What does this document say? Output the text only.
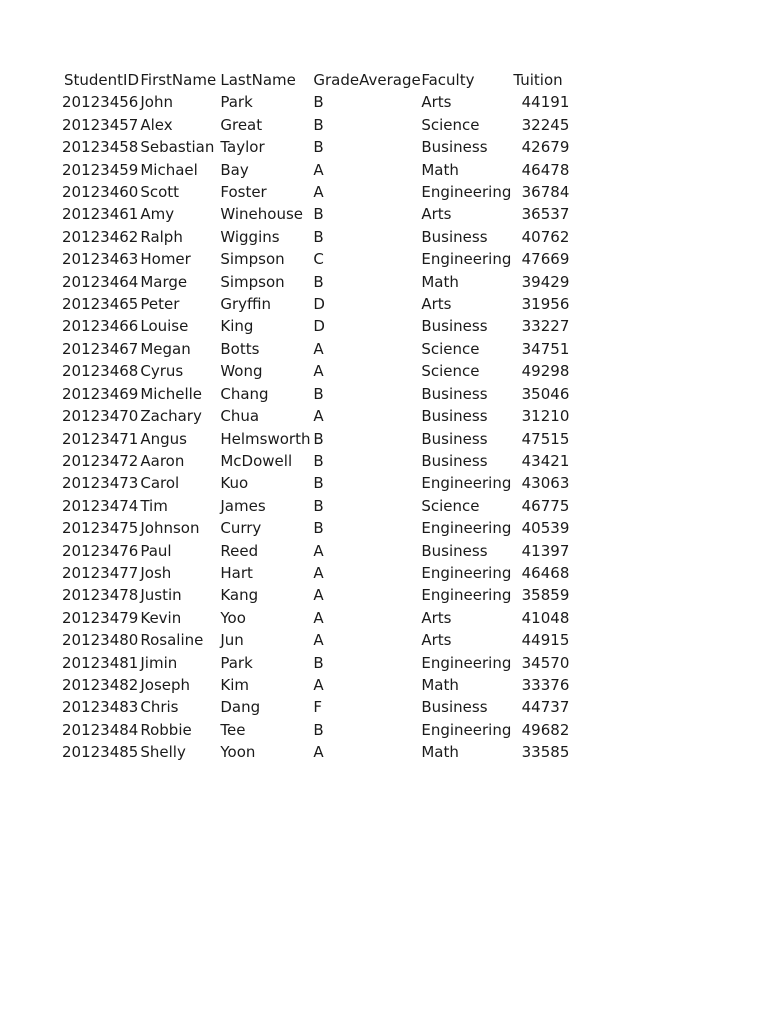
StudentID	FirstName	LastName	GradeAverage	Faculty	Tuition
20123456	John	Park	B	Arts	44191
20123457	Alex	Great	B	Science	32245
20123458	Sebastian	Taylor	B	Business	42679
20123459	Michael	Bay	A	Math	46478
20123460	Scott	Foster	A	Engineering	36784
20123461	Amy	Winehouse	B	Arts	36537
20123462	Ralph	Wiggins	B	Business	40762
20123463	Homer	Simpson	C	Engineering	47669
20123464	Marge	Simpson	B	Math	39429
20123465	Peter	Gryffin	D	Arts	31956
20123466	Louise	King	D	Business	33227
20123467	Megan	Botts	A	Science	34751
20123468	Cyrus	Wong	A	Science	49298
20123469	Michelle	Chang	B	Business	35046
20123470	Zachary	Chua	A	Business	31210
20123471	Angus	Helmsworth	B	Business	47515
20123472	Aaron	McDowell	B	Business	43421
20123473	Carol	Kuo	B	Engineering	43063
20123474	Tim	James	B	Science	46775
20123475	Johnson	Curry	B	Engineering	40539
20123476	Paul	Reed	A	Business	41397
20123477	Josh	Hart	A	Engineering	46468
20123478	Justin	Kang	A	Engineering	35859
20123479	Kevin	Yoo	A	Arts	41048
20123480	Rosaline	Jun	A	Arts	44915
20123481	Jimin	Park	B	Engineering	34570
20123482	Joseph	Kim	A	Math	33376
20123483	Chris	Dang	F	Business	44737
20123484	Robbie	Tee	B	Engineering	49682
20123485	Shelly	Yoon	A	Math	33585
